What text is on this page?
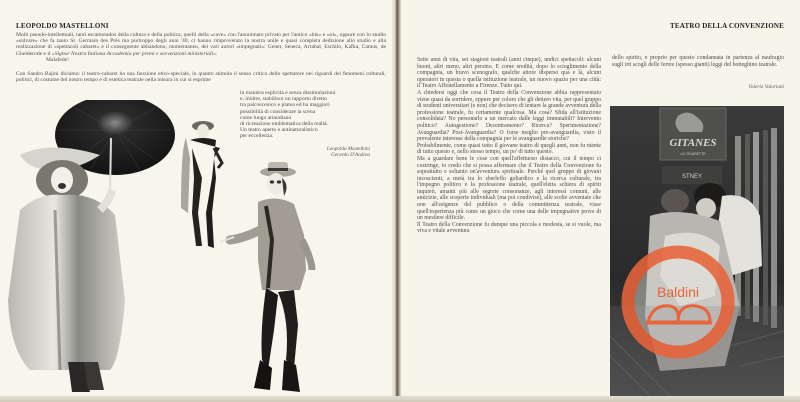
LEOPOLDO MASTELLONI
Molti pseudo-intellettuali, tanti escamotados della cultura e della politica, quelli della «cave» con l'anonimato privato per l'antico «bis» e «ol», oppure con lo studio «sulvare» che fa tanto St. Germain des Près ma purtroppo degli anni '40, ci hanno rimproverato la nostra unile e quasi completa dedizione allo studio e alla realizzazione di «spettacoli cabaret» e il conseguente abbandono, momentaneo, dei vari autori «impegnati»: Genet, Seneca, Arrabal, Eschilo, Kafka, Camus, de Ghelderode e il «Signor Nostra Italiana Accademia per premi e sovvenzioni ministeriali».
Malafede!
Con Sandro Bajini diciamo: il teatro-cabaret ha una funzione etico-speciale, in quanto stimola il senso critico dello spettatore nei riguardi dei fenomeni culturali, politici, di costume del nostro tempo e di estetica teatrale nella misura in cui si esprime
in maniera esplicita e senza dissimulazioni
e, inoltre, stabilisce un rapporto diretto
tra palcoscenico e platea ed ha maggiori
possibilità di considerare la scena
come luogo artaudiano
di ricreazione emblematica della realtà.
Un teatro aperto e antinaturalistico
per eccellenza.
Leopoldo Mastelloni
Gerardo D'Andrea
TEATRO DELLA CONVENZIONE

Sette anni di vita, sei stagioni teatrali (anni cinque), undici spettacoli: alcuni buoni, altri meno, altri persino. E come eredità, dopo lo scioglimento della compagnia, un bravo scenografo, qualche attore disperso qua e là, alcuni operatori in questa o quella istituzione teatrale, un nuovo spazio per una città: il Teatro Affratellamento a Firenze. Tutto qui.

A chiedersi oggi che cosa il Teatro della Convenzione abbia rappresentato viene quasi da sorridere, eppure per coloro che gli dettero vita, per quel gruppo di studenti universitari (e non) che decisero di tentare la grande avventura della professione teatrale, fu certamente qualcosa. Ma cosa? Sfida all'istituzione consolidata? No personarlo a un mercato dalle leggi immutabili? Intervento politico? Autogestione? Decentramento? Ricerca? Sperimentazione? Avanguardia? Post-Avanguardia? O forse meglio pre-avanguardia, visto il prevalente interesse della compagnia per le avanguardie storiche?

Probabilmente, come quasi tutto il giovane teatro di quegli anni, non fu niente di tutto questo e, nello stesso tempo, un po' di tutto questo.

Ma a guardare bene le cose con quell'affettuoso distacco, cui il tempo ci costringe, io credo che si possa affermare che il Teatro della Convenzione fu soprattutto e soltanto un'avventura spirituale. Perché quel gruppo di giovani incoscienti, a metà tra lo sberleffo goliardico e la ricerca culturale, tra l'impegno politico e la professione teatrale, quell'eletta schiera di spiriti inquieti, amanti più alle segrete consonanze, agli interessi comuni, alle amicizie, alle scoperte individuali (ma poi condivise), alle scelte avventate che non all'esigenze del pubblico o della committenza teatrale, visse quell'esperienza più come un gioco che come una delle impegnative prove di un mestiere difficile.

Il Teatro della Convenzione fu dunque una piccola e modesta, se si vuole, ma viva e vitale avventura

dello spirito, e proprio per questo condannata in partenza al naufragio sugli irti scogli delle ferree (spesso gianti) leggi del botteghino teatrale.
Valerio Valoriani
GITANES
LA CIGARETTE
STNEY
Baldini
